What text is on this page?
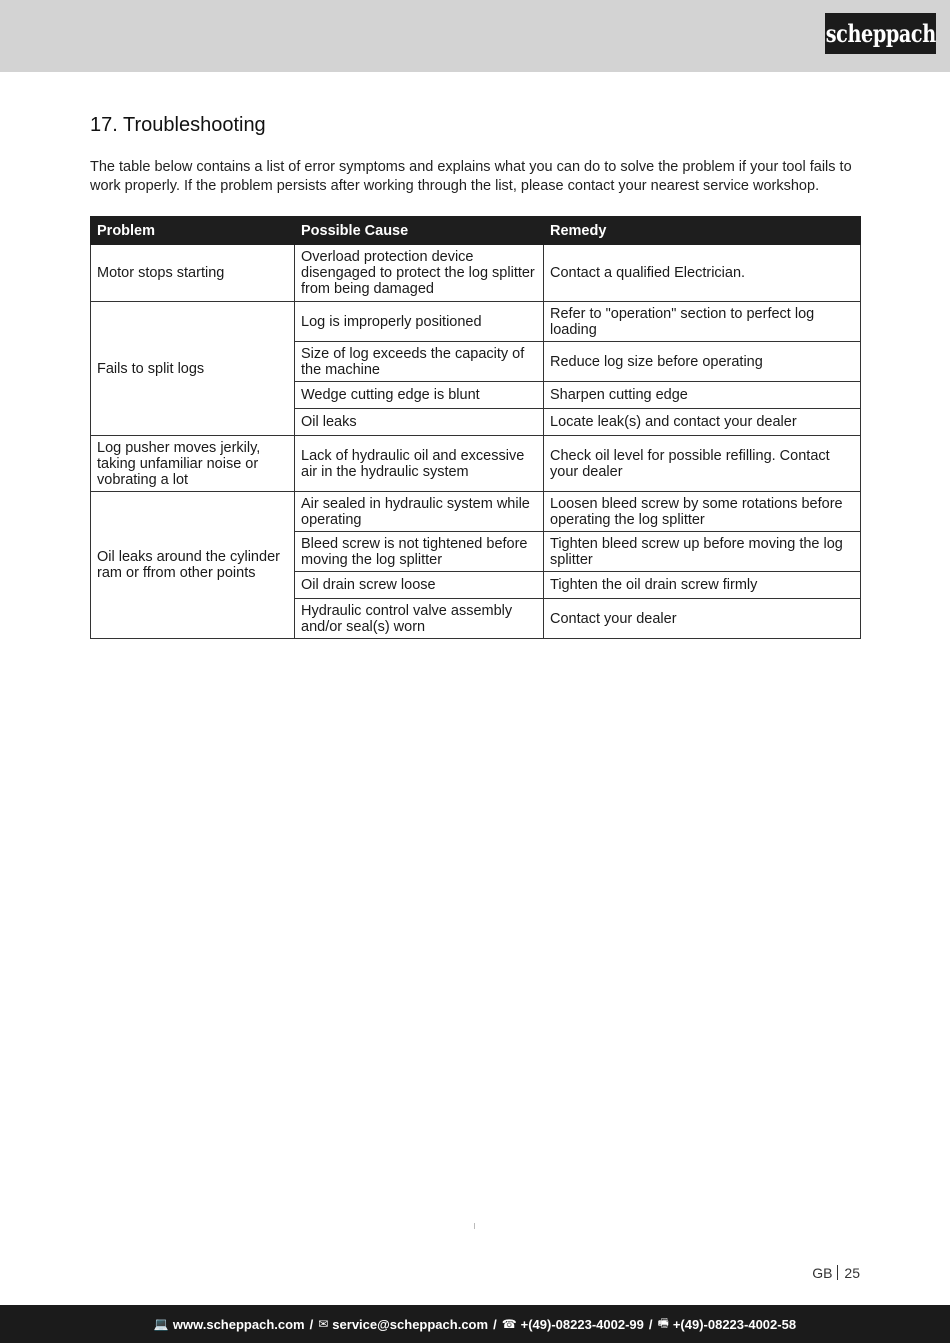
scheppach
17. Troubleshooting

The table below contains a list of error symptoms and explains what you can do to solve the problem if your tool fails to work properly. If the problem persists after working through the list, please contact your nearest service workshop.

Problem	Possible Cause	Remedy
Motor stops starting	Overload protection device disengaged to protect the log splitter from being damaged	Contact a qualified Electrician.
Fails to split logs	Log is improperly positioned	Refer to "operation" section to perfect log loading
	Size of log exceeds the capacity of the machine	Reduce log size before operating
	Wedge cutting edge is blunt	Sharpen cutting edge
	Oil leaks	Locate leak(s) and contact your dealer
Log pusher moves jerkily, taking unfamiliar noise or vobrating a lot	Lack of hydraulic oil and excessive air in the hydraulic system	Check oil level for possible refilling. Contact your dealer
Oil leaks around the cylinder ram or ffrom other points	Air sealed in hydraulic system while operating	Loosen bleed screw by some rotations before operating the log splitter
	Bleed screw is not tightened before moving the log splitter	Tighten bleed screw up before moving the log splitter
	Oil drain screw loose	Tighten the oil drain screw firmly
	Hydraulic control valve assembly and/or seal(s) worn	Contact your dealer
GB 25
💻 www.scheppach.com / ✉ service@scheppach.com / ☎ +(49)-08223-4002-99 / 🖷 +(49)-08223-4002-58
